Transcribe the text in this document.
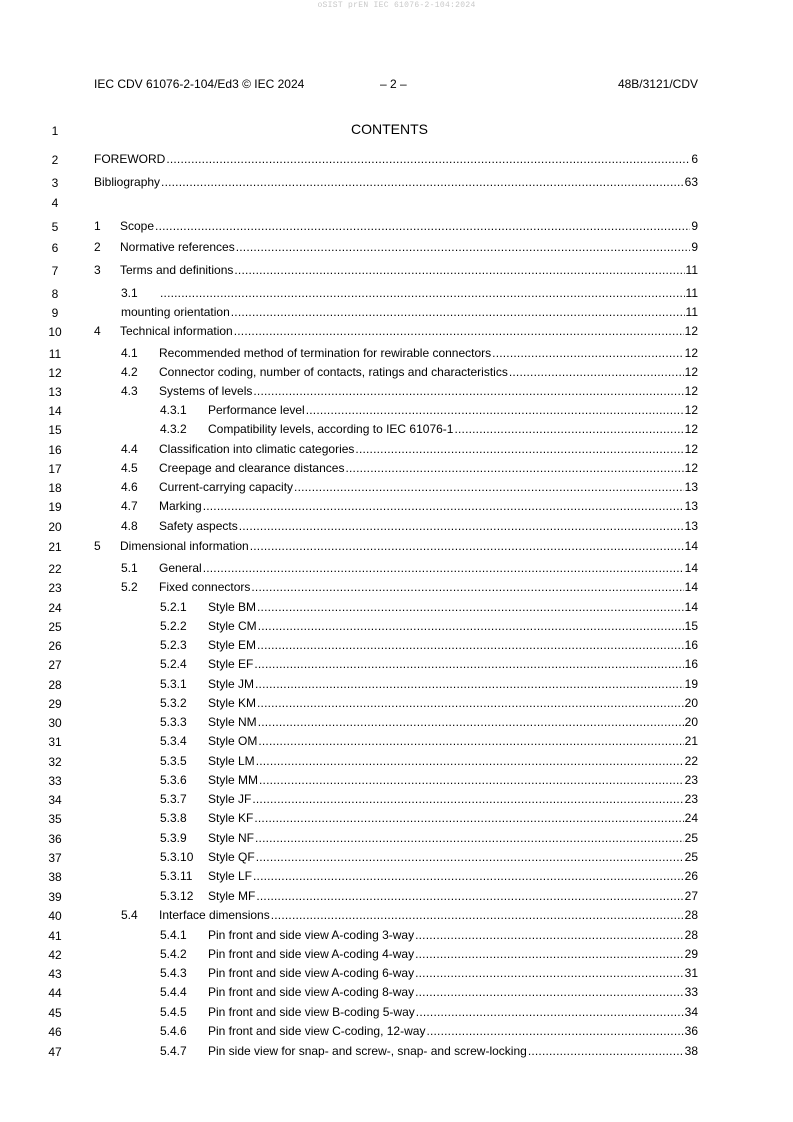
oSIST prEN IEC 61076-2-104:2024
IEC CDV 61076-2-104/Ed3 © IEC 2024	– 2 –	48B/3121/CDV
CONTENTS
1
2
3
4
5
6
7
8
9
10
11
12
13
14
15
16
17
18
19
20
21
22
23
24
25
26
27
28
29
30
31
32
33
34
35
36
37
38
39
40
41
42
43
44
45
46
47
FOREWORD .....	6
Bibliography .....	63
1	Scope .....	9
2	Normative references .....	9
3	Terms and definitions .....	11
3.1 .....	11
mounting orientation .....	11
4	Technical information .....	12
4.1	Recommended method of termination for rewirable connectors .....	12
4.2	Connector coding, number of contacts, ratings and characteristics .....	12
4.3	Systems of levels .....	12
4.3.1	Performance level .....	12
4.3.2	Compatibility levels, according to IEC 61076-1 .....	12
4.4	Classification into climatic categories .....	12
4.5	Creepage and clearance distances .....	12
4.6	Current-carrying capacity .....	13
4.7	Marking .....	13
4.8	Safety aspects .....	13
5	Dimensional information .....	14
5.1	General .....	14
5.2	Fixed connectors .....	14
5.2.1	Style BM .....	14
5.2.2	Style CM .....	15
5.2.3	Style EM .....	16
5.2.4	Style EF .....	16
5.3.1	Style JM .....	19
5.3.2	Style KM .....	20
5.3.3	Style NM .....	20
5.3.4	Style OM .....	21
5.3.5	Style LM .....	22
5.3.6	Style MM .....	23
5.3.7	Style JF .....	23
5.3.8	Style KF .....	24
5.3.9	Style NF .....	25
5.3.10	Style QF .....	25
5.3.11	Style LF .....	26
5.3.12	Style MF .....	27
5.4	Interface dimensions .....	28
5.4.1	Pin front and side view A-coding 3-way .....	28
5.4.2	Pin front and side view A-coding 4-way .....	29
5.4.3	Pin front and side view A-coding 6-way .....	31
5.4.4	Pin front and side view A-coding 8-way .....	33
5.4.5	Pin front and side view B-coding 5-way .....	34
5.4.6	Pin front and side view C-coding, 12-way .....	36
5.4.7	Pin side view for snap- and screw-, snap- and screw-locking .....	38
